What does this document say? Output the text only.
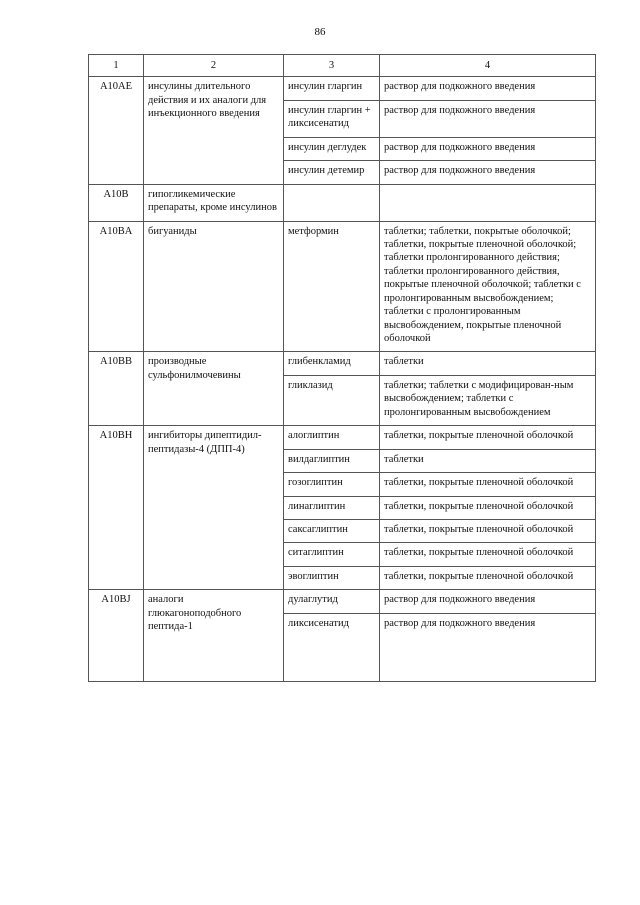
86
1	2	3	4
A10AE	инсулины длительного действия и их аналоги для инъекционного введения	инсулин гларгин	раствор для подкожного введения
		инсулин гларгин + ликсисенатид	раствор для подкожного введения
		инсулин деглудек	раствор для подкожного введения
		инсулин детемир	раствор для подкожного введения
A10B	гипогликемические препараты, кроме инсулинов		
A10BA	бигуаниды	метформин	таблетки; таблетки, покрытые оболочкой; таблетки, покрытые пленочной оболочкой; таблетки пролонгированного действия; таблетки пролонгированного действия, покрытые пленочной оболочкой; таблетки с пролонгированным высвобождением; таблетки с пролонгированным высвобождением, покрытые пленочной оболочкой
A10BB	производные сульфонилмочевины	глибенкламид	таблетки
		гликлазид	таблетки; таблетки с модифицирован-ным высвобождением; таблетки с пролонгированным высвобождением
A10BH	ингибиторы дипептидил-пептидазы-4 (ДПП-4)	алоглиптин	таблетки, покрытые пленочной оболочкой
		вилдаглиптин	таблетки
		гозоглиптин	таблетки, покрытые пленочной оболочкой
		линаглиптин	таблетки, покрытые пленочной оболочкой
		саксаглиптин	таблетки, покрытые пленочной оболочкой
		ситаглиптин	таблетки, покрытые пленочной оболочкой
		эвоглиптин	таблетки, покрытые пленочной оболочкой
A10BJ	аналоги глюкагоноподобного пептида-1	дулаглутид	раствор для подкожного введения
		ликсисенатид	раствор для подкожного введения
